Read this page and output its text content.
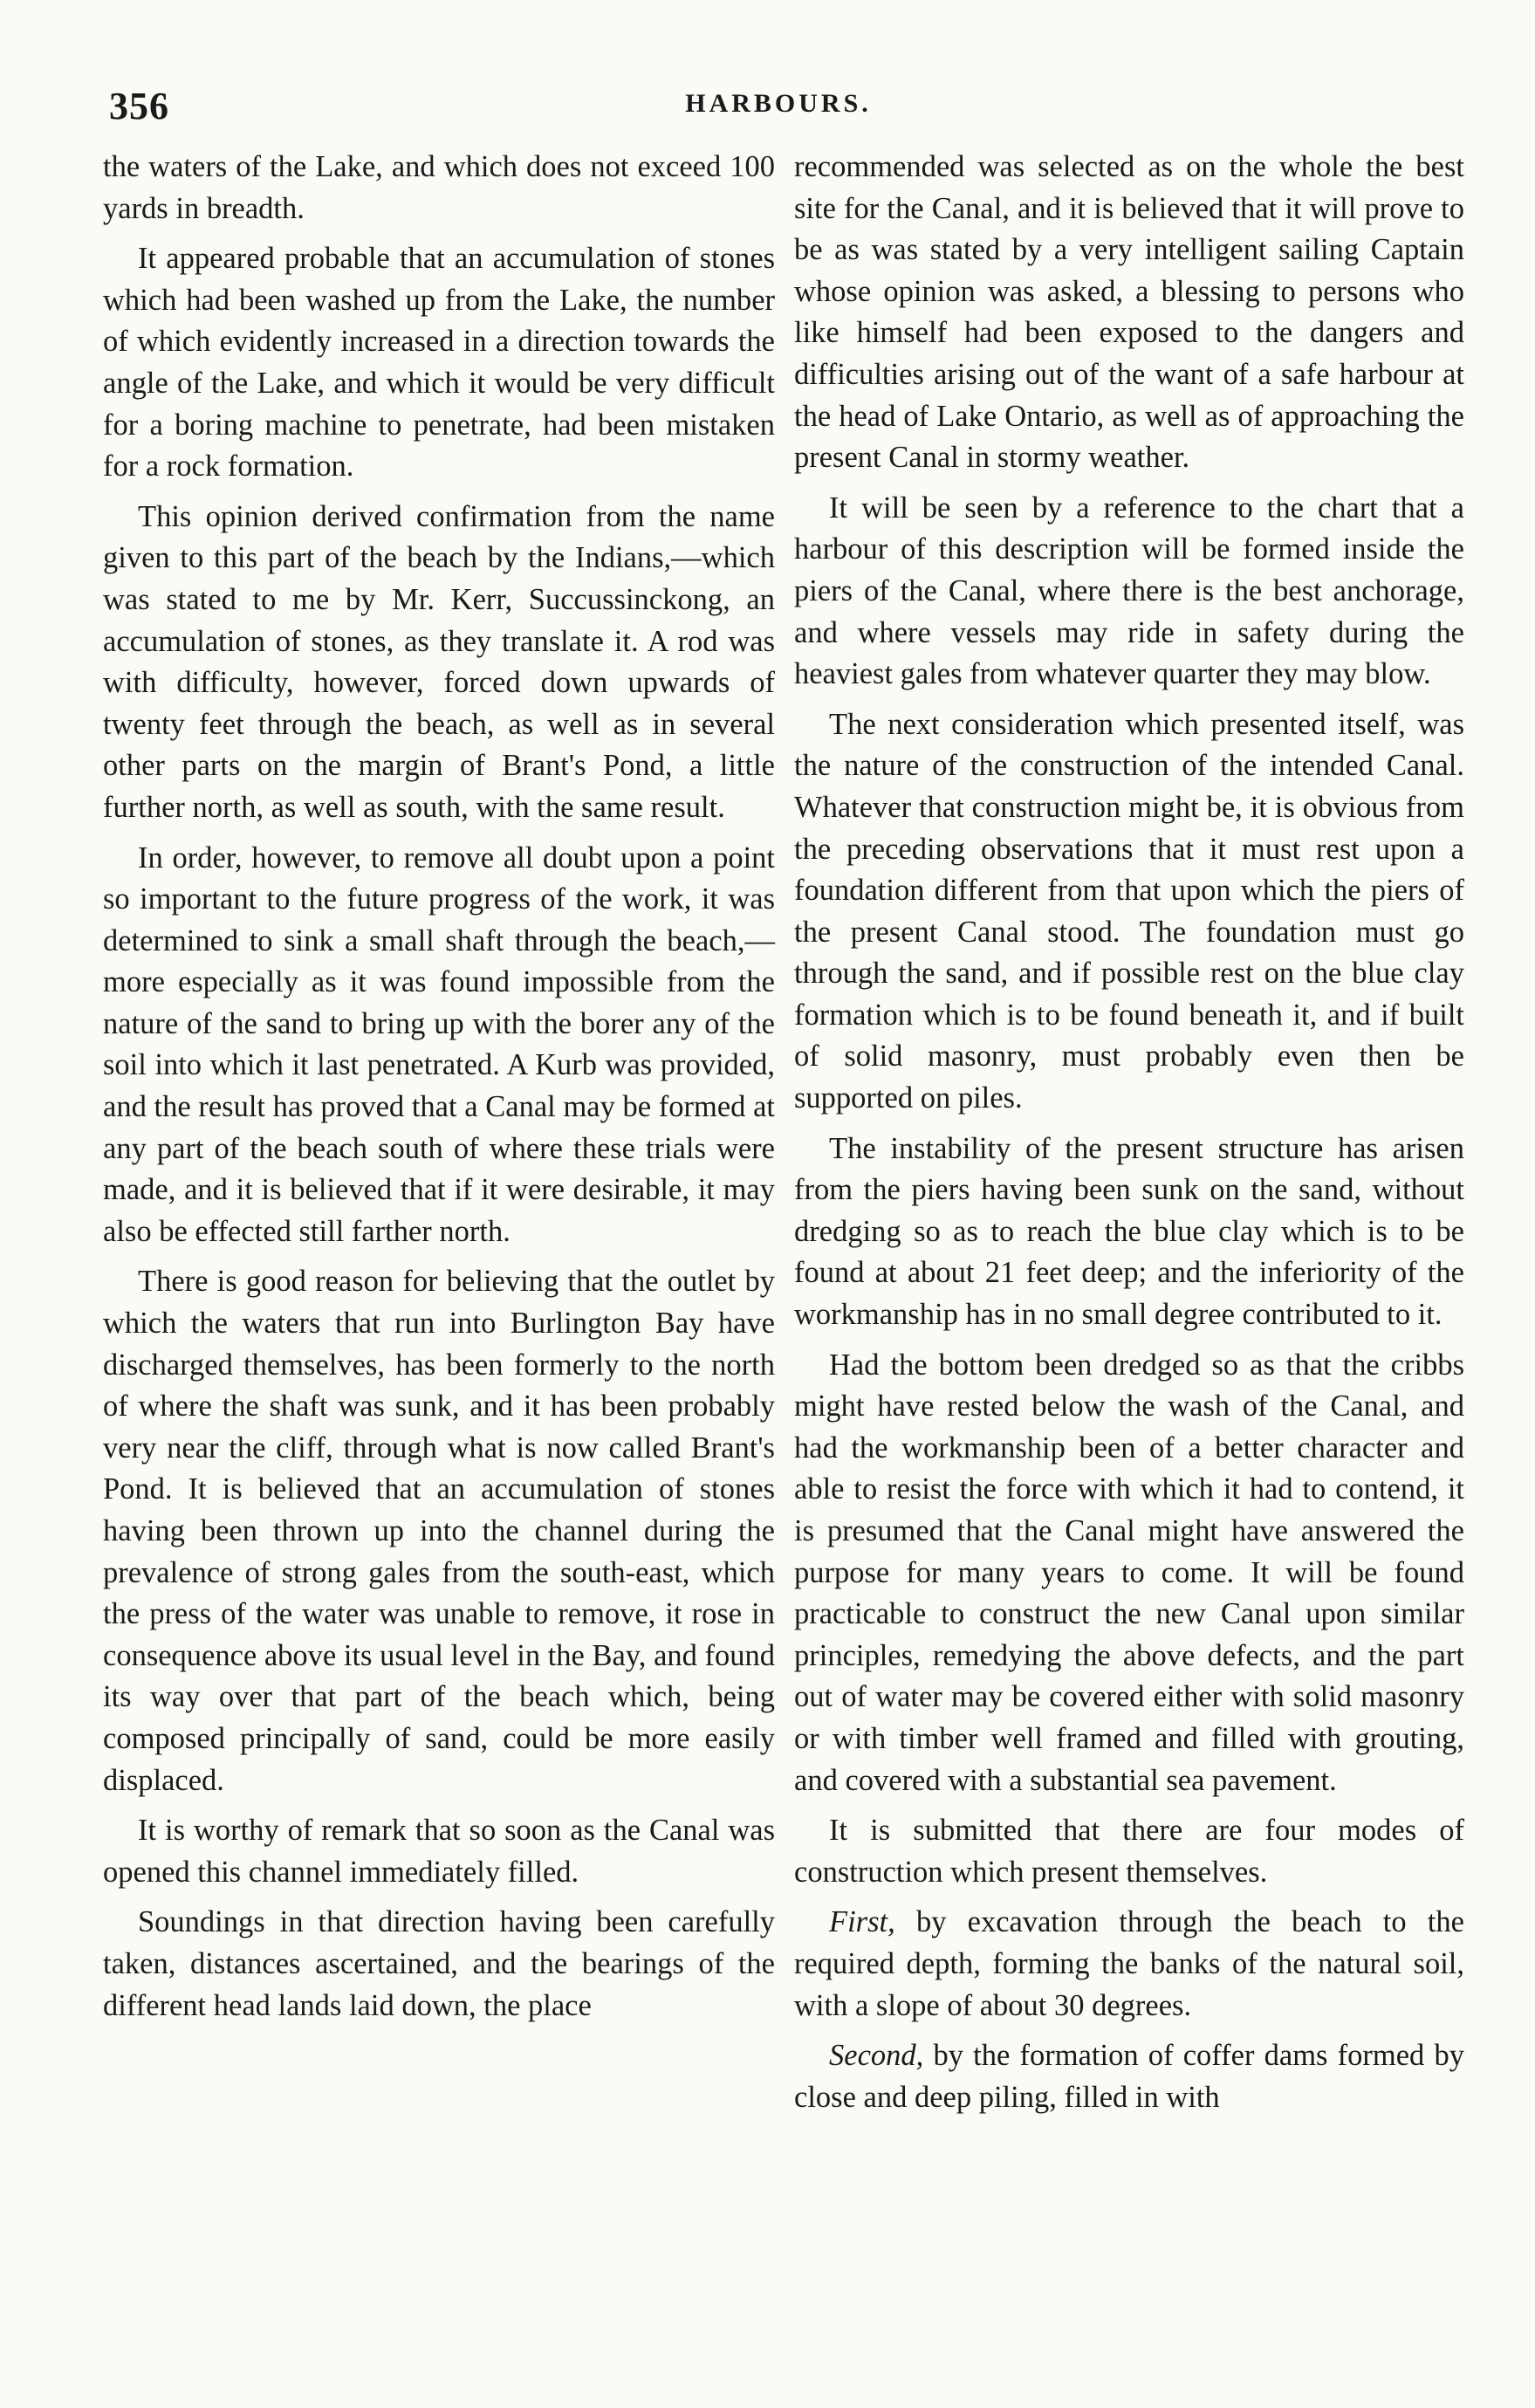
356	HARBOURS.

the waters of the Lake, and which does not exceed 100 yards in breadth.

It appeared probable that an accumulation of stones which had been washed up from the Lake, the number of which evidently increased in a direction towards the angle of the Lake, and which it would be very difficult for a boring machine to penetrate, had been mistaken for a rock formation.

This opinion derived confirmation from the name given to this part of the beach by the Indians,—which was stated to me by Mr. Kerr, Succussinckong, an accumulation of stones, as they translate it. A rod was with difficulty, however, forced down upwards of twenty feet through the beach, as well as in several other parts on the margin of Brant's Pond, a little further north, as well as south, with the same result.

In order, however, to remove all doubt upon a point so important to the future progress of the work, it was determined to sink a small shaft through the beach,—more especially as it was found impossible from the nature of the sand to bring up with the borer any of the soil into which it last penetrated. A Kurb was provided, and the result has proved that a Canal may be formed at any part of the beach south of where these trials were made, and it is believed that if it were desirable, it may also be effected still farther north.

There is good reason for believing that the outlet by which the waters that run into Burlington Bay have discharged themselves, has been formerly to the north of where the shaft was sunk, and it has been probably very near the cliff, through what is now called Brant's Pond. It is believed that an accumulation of stones having been thrown up into the channel during the prevalence of strong gales from the south-east, which the press of the water was unable to remove, it rose in consequence above its usual level in the Bay, and found its way over that part of the beach which, being composed principally of sand, could be more easily displaced.

It is worthy of remark that so soon as the Canal was opened this channel immediately filled.

Soundings in that direction having been carefully taken, distances ascertained, and the bearings of the different head lands laid down, the place

recommended was selected as on the whole the best site for the Canal, and it is believed that it will prove to be as was stated by a very intelligent sailing Captain whose opinion was asked, a blessing to persons who like himself had been exposed to the dangers and difficulties arising out of the want of a safe harbour at the head of Lake Ontario, as well as of approaching the present Canal in stormy weather.

It will be seen by a reference to the chart that a harbour of this description will be formed inside the piers of the Canal, where there is the best anchorage, and where vessels may ride in safety during the heaviest gales from whatever quarter they may blow.

The next consideration which presented itself, was the nature of the construction of the intended Canal. Whatever that construction might be, it is obvious from the preceding observations that it must rest upon a foundation different from that upon which the piers of the present Canal stood. The foundation must go through the sand, and if possible rest on the blue clay formation which is to be found beneath it, and if built of solid masonry, must probably even then be supported on piles.

The instability of the present structure has arisen from the piers having been sunk on the sand, without dredging so as to reach the blue clay which is to be found at about 21 feet deep; and the inferiority of the workmanship has in no small degree contributed to it.

Had the bottom been dredged so as that the cribbs might have rested below the wash of the Canal, and had the workmanship been of a better character and able to resist the force with which it had to contend, it is presumed that the Canal might have answered the purpose for many years to come. It will be found practicable to construct the new Canal upon similar principles, remedying the above defects, and the part out of water may be covered either with solid masonry or with timber well framed and filled with grouting, and covered with a substantial sea pavement.

It is submitted that there are four modes of construction which present themselves.

First, by excavation through the beach to the required depth, forming the banks of the natural soil, with a slope of about 30 degrees.

Second, by the formation of coffer dams formed by close and deep piling, filled in with
